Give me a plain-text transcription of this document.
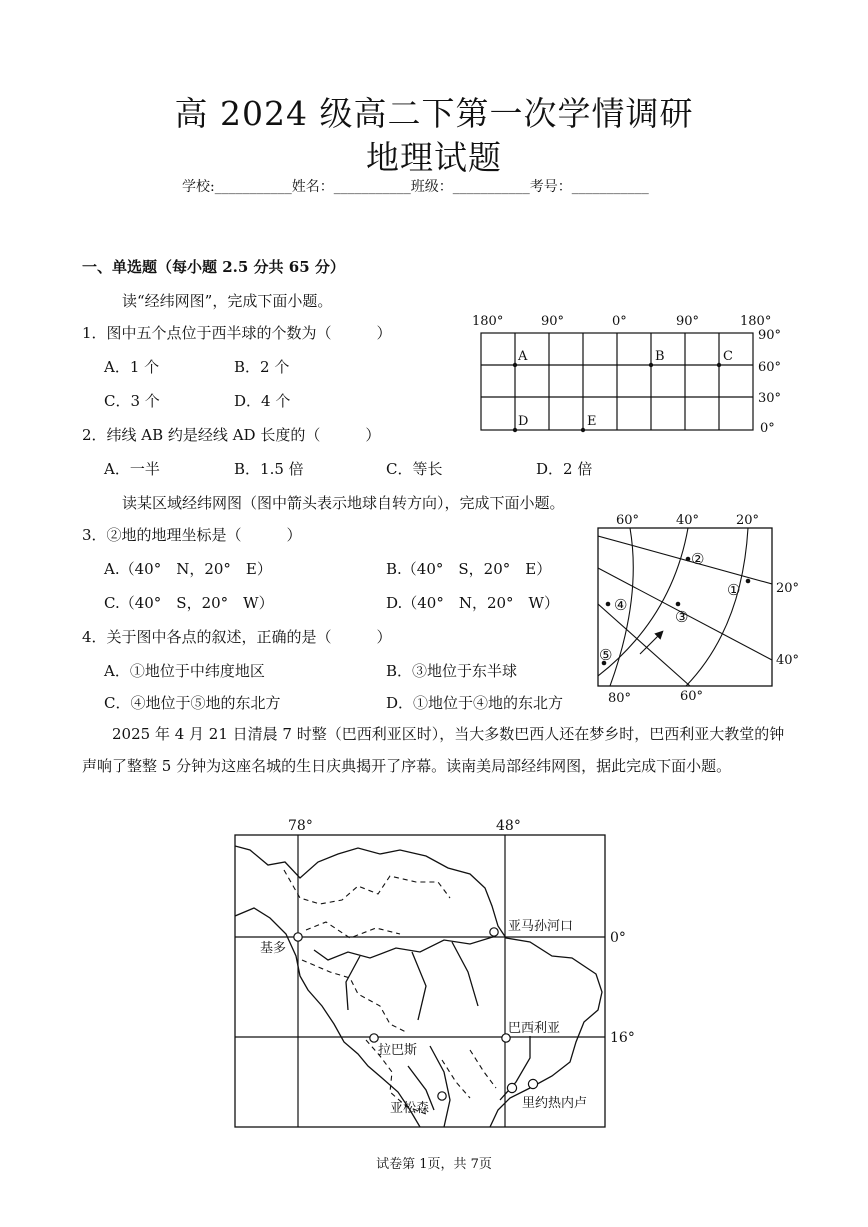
高 2024 级高二下第一次学情调研
地理试题
学校:___________姓名：___________班级：___________考号：___________
一、单选题（每小题 2.5 分共 65 分）
读“经纬网图”，完成下面小题。
1．图中五个点位于西半球的个数为（　　　）
A．1 个	B．2 个
C．3 个	D．4 个
2．纬线 AB 约是经线 AD 长度的（　　　）
A．一半	B．1.5 倍	C．等长	D．2 倍
读某区域经纬网图（图中箭头表示地球自转方向），完成下面小题。
3．②地的地理坐标是（　　　）
A.（40°　N，20°　E）	B.（40°　S，20°　E）
C.（40°　S，20°　W）	D.（40°　N，20°　W）
4．关于图中各点的叙述，正确的是（　　　）
A．①地位于中纬度地区	B．③地位于东半球
C．④地位于⑤地的东北方	D．①地位于④地的东北方
2025 年 4 月 21 日清晨 7 时整（巴西利亚区时），当大多数巴西人还在梦乡时，巴西利亚大教堂的钟声响了整整 5 分钟为这座名城的生日庆典揭开了序幕。读南美局部经纬网图，据此完成下面小题。
180°	90°	0°	90°	180°
90°
60°
30°
0°
A	B	C
D	E
60°	40°	20°
20°
40°
80°	60°
①
②
③
④
⑤
78°	48°
0°
16°
基多
亚马孙河口
巴西利亚
拉巴斯
亚松森	里约热内卢
试卷第 1页，共 7页
